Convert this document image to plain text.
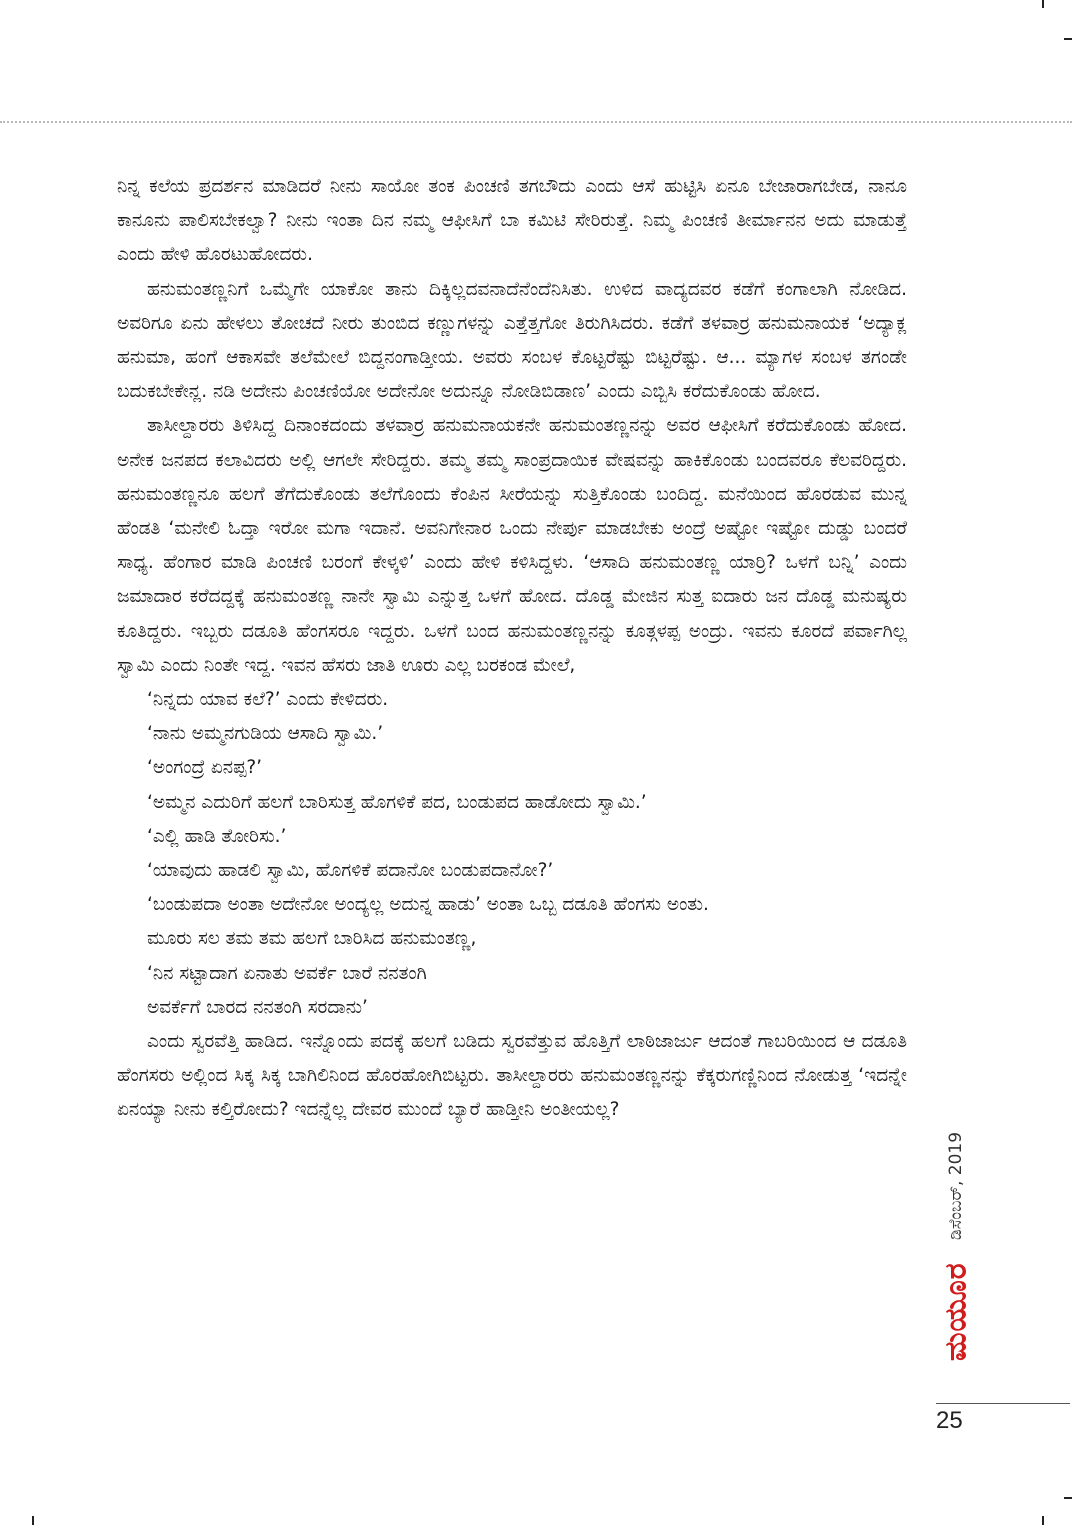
ನಿನ್ನ ಕಲೆಯ ಪ್ರದರ್ಶನ ಮಾಡಿದರೆ ನೀನು ಸಾಯೋ ತಂಕ ಪಿಂಚಣಿ ತಗಬೌದು ಎಂದು ಆಸೆ ಹುಟ್ಟಿಸಿ ಏನೂ ಬೇಜಾರಾಗಬೇಡ, ನಾನೂ ಕಾನೂನು ಪಾಲಿಸಬೇಕಲ್ವಾ? ನೀನು ಇಂತಾ ದಿನ ನಮ್ಮ ಆಫೀಸಿಗೆ ಬಾ ಕಮಿಟಿ ಸೇರಿರುತ್ತೆ. ನಿಮ್ಮ ಪಿಂಚಣಿ ತೀರ್ಮಾನನ ಅದು ಮಾಡುತ್ತೆ ಎಂದು ಹೇಳಿ ಹೊರಟುಹೋದರು.

ಹನುಮಂತಣ್ಣನಿಗೆ ಒಮ್ಮೆಗೇ ಯಾಕೋ ತಾನು ದಿಕ್ಕಿಲ್ಲದವನಾದೆನೆಂದೆನಿಸಿತು. ಉಳಿದ ವಾದ್ಯದವರ ಕಡೆಗೆ ಕಂಗಾಲಾಗಿ ನೋಡಿದ. ಅವರಿಗೂ ಏನು ಹೇಳಲು ತೋಚದೆ ನೀರು ತುಂಬಿದ ಕಣ್ಣುಗಳನ್ನು ಎತ್ತೆತ್ತಗೋ ತಿರುಗಿಸಿದರು. ಕಡೆಗೆ ತಳವಾರ್ರ ಹನುಮನಾಯಕ ‘ಅದ್ಯಾಕ್ಲ ಹನುಮಾ, ಹಂಗೆ ಆಕಾಸವೇ ತಲೆಮೇಲೆ ಬಿದ್ದನಂಗಾಡ್ತೀಯ. ಅವರು ಸಂಬಳ ಕೊಟ್ಟರೆಷ್ಟು ಬಿಟ್ಟರೆಷ್ಟು. ಆ... ಮ್ಯಾಗಳ ಸಂಬಳ ತಗಂಡೇ ಬದುಕಬೇಕೇನ್ಲ. ನಡಿ ಅದೇನು ಪಿಂಚಣಿಯೋ ಅದೇನೋ ಅದುನ್ನೂ ನೋಡಿಬಿಡಾಣ’ ಎಂದು ಎಬ್ಬಿಸಿ ಕರೆದುಕೊಂಡು ಹೋದ.

ತಾಸೀಲ್ದಾರರು ತಿಳಿಸಿದ್ದ ದಿನಾಂಕದಂದು ತಳವಾರ್ರ ಹನುಮನಾಯಕನೇ ಹನುಮಂತಣ್ಣನನ್ನು ಅವರ ಆಫೀಸಿಗೆ ಕರೆದುಕೊಂಡು ಹೋದ. ಅನೇಕ ಜನಪದ ಕಲಾವಿದರು ಅಲ್ಲಿ ಆಗಲೇ ಸೇರಿದ್ದರು. ತಮ್ಮ ತಮ್ಮ ಸಾಂಪ್ರದಾಯಿಕ ವೇಷವನ್ನು ಹಾಕಿಕೊಂಡು ಬಂದವರೂ ಕೆಲವರಿದ್ದರು. ಹನುಮಂತಣ್ಣನೂ ಹಲಗೆ ತೆಗೆದುಕೊಂಡು ತಲೆಗೊಂದು ಕೆಂಪಿನ ಸೀರೆಯನ್ನು ಸುತ್ತಿಕೊಂಡು ಬಂದಿದ್ದ. ಮನೆಯಿಂದ ಹೊರಡುವ ಮುನ್ನ ಹೆಂಡತಿ ‘ಮನೇಲಿ ಓದ್ತಾ ಇರೋ ಮಗಾ ಇದಾನೆ. ಅವನಿಗೇನಾರ ಒಂದು ನೇರ್ಪು ಮಾಡಬೇಕು ಅಂದ್ರೆ ಅಷ್ಟೋ ಇಷ್ಟೋ ದುಡ್ಡು ಬಂದರೆ ಸಾಧ್ಯ. ಹೆಂಗಾರ ಮಾಡಿ ಪಿಂಚಣಿ ಬರಂಗೆ ಕೇಳ್ಕಳಿ’ ಎಂದು ಹೇಳಿ ಕಳಿಸಿದ್ದಳು. ‘ಆಸಾದಿ ಹನುಮಂತಣ್ಣ ಯಾರ್ರಿ? ಒಳಗೆ ಬನ್ನಿ’ ಎಂದು ಜಮಾದಾರ ಕರೆದದ್ದಕ್ಕೆ ಹನುಮಂತಣ್ಣ ನಾನೇ ಸ್ವಾಮಿ ಎನ್ನುತ್ತ ಒಳಗೆ ಹೋದ. ದೊಡ್ಡ ಮೇಜಿನ ಸುತ್ತ ಐದಾರು ಜನ ದೊಡ್ಡ ಮನುಷ್ಯರು ಕೂತಿದ್ದರು. ಇಬ್ಬರು ದಡೂತಿ ಹೆಂಗಸರೂ ಇದ್ದರು. ಒಳಗೆ ಬಂದ ಹನುಮಂತಣ್ಣನನ್ನು ಕೂತ್ಗಳಪ್ಪ ಅಂದ್ರು. ಇವನು ಕೂರದೆ ಪರ್ವಾಗಿಲ್ಲ ಸ್ವಾಮಿ ಎಂದು ನಿಂತೇ ಇದ್ದ. ಇವನ ಹೆಸರು ಜಾತಿ ಊರು ಎಲ್ಲ ಬರಕಂಡ ಮೇಲೆ,

‘ನಿನ್ನದು ಯಾವ ಕಲೆ?’ ಎಂದು ಕೇಳಿದರು.

‘ನಾನು ಅಮ್ಮನಗುಡಿಯ ಆಸಾದಿ ಸ್ವಾಮಿ.’

‘ಅಂಗಂದ್ರೆ ಏನಪ್ಪ?’

‘ಅಮ್ಮನ ಎದುರಿಗೆ ಹಲಗೆ ಬಾರಿಸುತ್ತ ಹೊಗಳಿಕೆ ಪದ, ಬಂಡುಪದ ಹಾಡೋದು ಸ್ವಾಮಿ.’

‘ಎಲ್ಲಿ ಹಾಡಿ ತೋರಿಸು.’

‘ಯಾವುದು ಹಾಡಲಿ ಸ್ವಾಮಿ, ಹೊಗಳಿಕೆ ಪದಾನೋ ಬಂಡುಪದಾನೋ?’

‘ಬಂಡುಪದಾ ಅಂತಾ ಅದೇನೋ ಅಂದ್ಯಲ್ಲ ಅದುನ್ನ ಹಾಡು’ ಅಂತಾ ಒಬ್ಬ ದಡೂತಿ ಹೆಂಗಸು ಅಂತು.

ಮೂರು ಸಲ ತಮ ತಮ ಹಲಗೆ ಬಾರಿಸಿದ ಹನುಮಂತಣ್ಣ,

‘ನಿನ ಸಟ್ಟಾದಾಗ ಏನಾತು ಅವರ್ಕೆ ಬಾರೆ ನನತಂಗಿ

ಅವರ್ಕೆಗೆ ಬಾರದ ನನತಂಗಿ ಸರದಾನು’

ಎಂದು ಸ್ವರವೆತ್ತಿ ಹಾಡಿದ. ಇನ್ನೊಂದು ಪದಕ್ಕೆ ಹಲಗೆ ಬಡಿದು ಸ್ವರವೆತ್ತುವ ಹೊತ್ತಿಗೆ ಲಾಠಿಜಾರ್ಜು ಆದಂತೆ ಗಾಬರಿಯಿಂದ ಆ ದಡೂತಿ ಹೆಂಗಸರು ಅಲ್ಲಿಂದ ಸಿಕ್ಕ ಸಿಕ್ಕ ಬಾಗಿಲಿನಿಂದ ಹೊರಹೋಗಿಬಿಟ್ಟರು. ತಾಸೀಲ್ದಾರರು ಹನುಮಂತಣ್ಣನನ್ನು ಕೆಕ್ಕರುಗಣ್ಣಿನಿಂದ ನೋಡುತ್ತ ‘ಇದನ್ನೇ ಏನಯ್ಯಾ ನೀನು ಕಲ್ತಿರೋದು? ಇದನ್ನೆಲ್ಲ ದೇವರ ಮುಂದೆ ಬ್ಯಾರೆ ಹಾಡ್ತೀನಿ ಅಂತೀಯಲ್ಲ?

ಡಿಸೆಂಬರ್, 2019
ಮಯೂರ
25
